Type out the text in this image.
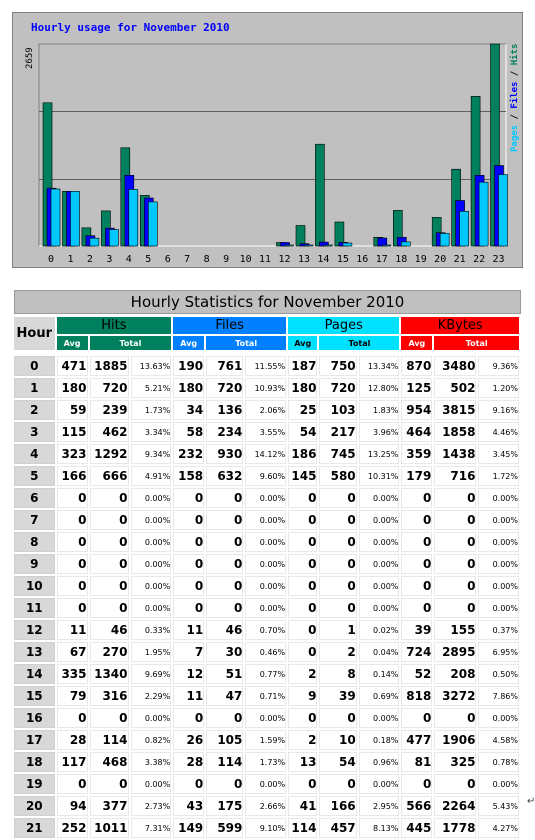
Hourly usage for November 2010
2659
Pages / Files / Hits
0 1 2 3 4 5 6 7 8 9 10 11 12 13 14 15 16 17 18 19 20 21 22 23
Hourly Statistics for November 2010
Hour	Hits			Files			Pages			KBytes		
	Avg	Total		Avg	Total		Avg	Total		Avg	Total	

0	471	1885	13.63%	190	761	11.55%	187	750	13.34%	870	3480	9.36%
1	180	720	5.21%	180	720	10.93%	180	720	12.80%	125	502	1.20%
2	59	239	1.73%	34	136	2.06%	25	103	1.83%	954	3815	9.16%
3	115	462	3.34%	58	234	3.55%	54	217	3.96%	464	1858	4.46%
4	323	1292	9.34%	232	930	14.12%	186	745	13.25%	359	1438	3.45%
5	166	666	4.91%	158	632	9.60%	145	580	10.31%	179	716	1.72%
6	0	0	0.00%	0	0	0.00%	0	0	0.00%	0	0	0.00%
7	0	0	0.00%	0	0	0.00%	0	0	0.00%	0	0	0.00%
8	0	0	0.00%	0	0	0.00%	0	0	0.00%	0	0	0.00%
9	0	0	0.00%	0	0	0.00%	0	0	0.00%	0	0	0.00%
10	0	0	0.00%	0	0	0.00%	0	0	0.00%	0	0	0.00%
11	0	0	0.00%	0	0	0.00%	0	0	0.00%	0	0	0.00%
12	11	46	0.33%	11	46	0.70%	0	1	0.02%	39	155	0.37%
13	67	270	1.95%	7	30	0.46%	0	2	0.04%	724	2895	6.95%
14	335	1340	9.69%	12	51	0.77%	2	8	0.14%	52	208	0.50%
15	79	316	2.29%	11	47	0.71%	9	39	0.69%	818	3272	7.86%
16	0	0	0.00%	0	0	0.00%	0	0	0.00%	0	0	0.00%
17	28	114	0.82%	26	105	1.59%	2	10	0.18%	477	1906	4.58%
18	117	468	3.38%	28	114	1.73%	13	54	0.96%	81	325	0.78%
19	0	0	0.00%	0	0	0.00%	0	0	0.00%	0	0	0.00%
20	94	377	2.73%	43	175	2.66%	41	166	2.95%	566	2264	5.43%
21	252	1011	7.31%	149	599	9.10%	114	457	8.13%	445	1778	4.27%
↵
